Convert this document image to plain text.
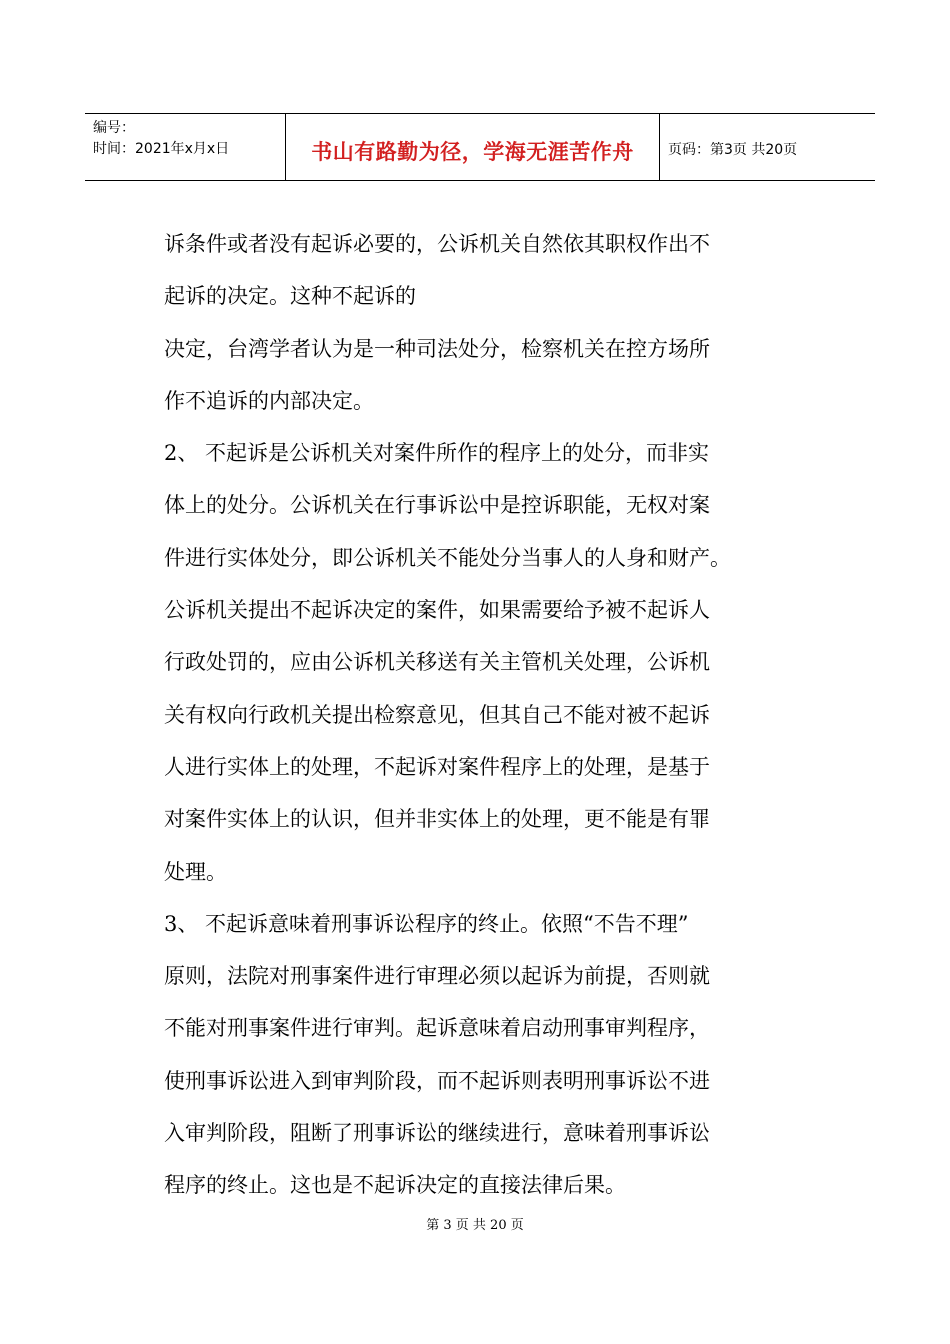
编号：
时间：2021年x月x日	书山有路勤为径，学海无涯苦作舟	页码：第3页 共20页
诉条件或者没有起诉必要的，公诉机关自然依其职权作出不
起诉的决定。这种不起诉的
决定，台湾学者认为是一种司法处分，检察机关在控方场所
作不追诉的内部决定。
2、 不起诉是公诉机关对案件所作的程序上的处分，而非实
体上的处分。公诉机关在行事诉讼中是控诉职能，无权对案
件进行实体处分，即公诉机关不能处分当事人的人身和财产。
公诉机关提出不起诉决定的案件，如果需要给予被不起诉人
行政处罚的，应由公诉机关移送有关主管机关处理，公诉机
关有权向行政机关提出检察意见，但其自己不能对被不起诉
人进行实体上的处理，不起诉对案件程序上的处理，是基于
对案件实体上的认识，但并非实体上的处理，更不能是有罪
处理。
3、 不起诉意味着刑事诉讼程序的终止。依照“不告不理”
原则，法院对刑事案件进行审理必须以起诉为前提，否则就
不能对刑事案件进行审判。起诉意味着启动刑事审判程序，
使刑事诉讼进入到审判阶段，而不起诉则表明刑事诉讼不进
入审判阶段，阻断了刑事诉讼的继续进行，意味着刑事诉讼
程序的终止。这也是不起诉决定的直接法律后果。
第 3 页 共 20 页
